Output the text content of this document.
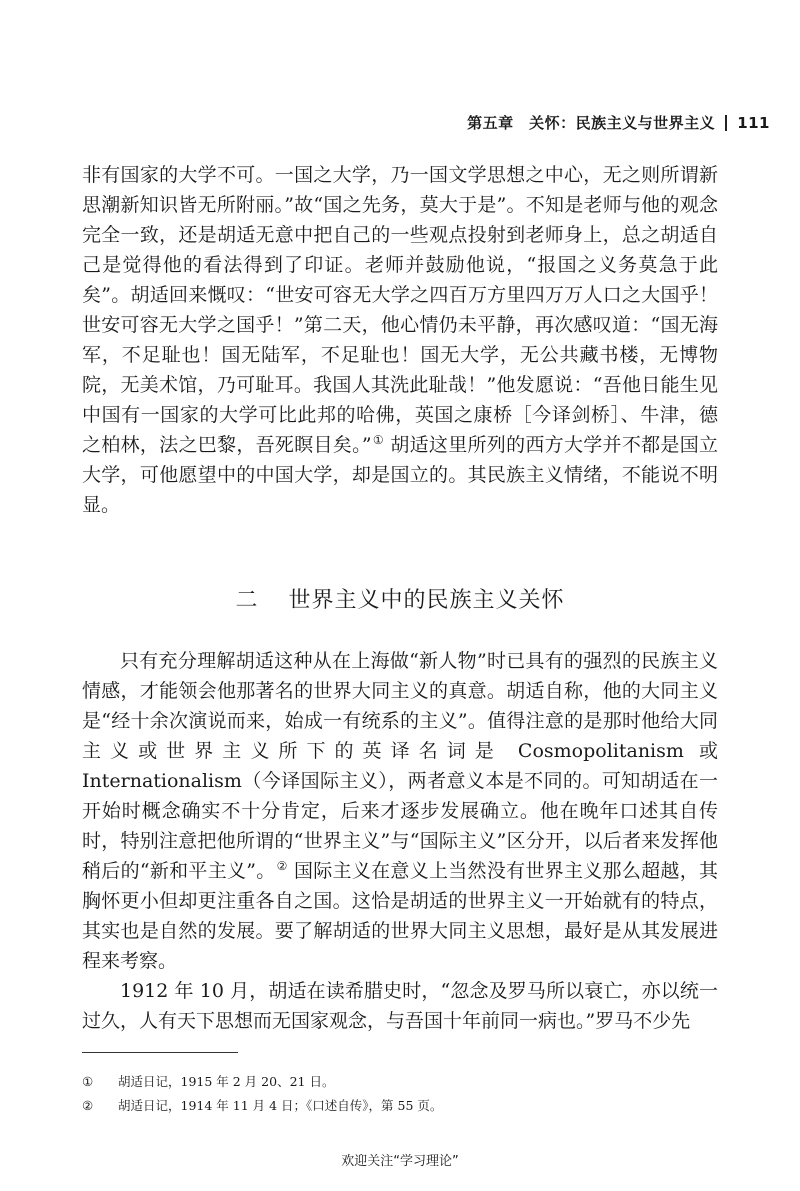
第五章　关怀：民族主义与世界主义 111

非有国家的大学不可。一国之大学，乃一国文学思想之中心，无之则所谓新思潮新知识皆无所附丽。”故“国之先务，莫大于是”。不知是老师与他的观念完全一致，还是胡适无意中把自己的一些观点投射到老师身上，总之胡适自己是觉得他的看法得到了印证。老师并鼓励他说，“报国之义务莫急于此矣”。胡适回来慨叹：“世安可容无大学之四百万方里四万万人口之大国乎！世安可容无大学之国乎！”第二天，他心情仍未平静，再次感叹道：“国无海军，不足耻也！国无陆军，不足耻也！国无大学，无公共藏书楼，无博物院，无美术馆，乃可耻耳。我国人其洗此耻哉！”他发愿说：“吾他日能生见中国有一国家的大学可比此邦的哈佛，英国之康桥［今译剑桥］、牛津，德之柏林，法之巴黎，吾死瞑目矣。”① 胡适这里所列的西方大学并不都是国立大学，可他愿望中的中国大学，却是国立的。其民族主义情绪，不能说不明显。

二 世界主义中的民族主义关怀

只有充分理解胡适这种从在上海做“新人物”时已具有的强烈的民族主义情感，才能领会他那著名的世界大同主义的真意。胡适自称，他的大同主义是“经十余次演说而来，始成一有统系的主义”。值得注意的是那时他给大同主义或世界主义所下的英译名词是 Cosmopolitanism 或 Internationalism（今译国际主义），两者意义本是不同的。可知胡适在一开始时概念确实不十分肯定，后来才逐步发展确立。他在晚年口述其自传时，特别注意把他所谓的“世界主义”与“国际主义”区分开，以后者来发挥他稍后的“新和平主义”。② 国际主义在意义上当然没有世界主义那么超越，其胸怀更小但却更注重各自之国。这恰是胡适的世界主义一开始就有的特点，其实也是自然的发展。要了解胡适的世界大同主义思想，最好是从其发展进程来考察。

1912 年 10 月，胡适在读希腊史时，“忽念及罗马所以衰亡，亦以统一过久，人有天下思想而无国家观念，与吾国十年前同一病也。”罗马不少先

①	胡适日记，1915 年 2 月 20、21 日。
②	胡适日记，1914 年 11 月 4 日；《口述自传》，第 55 页。
欢迎关注“学习理论”
